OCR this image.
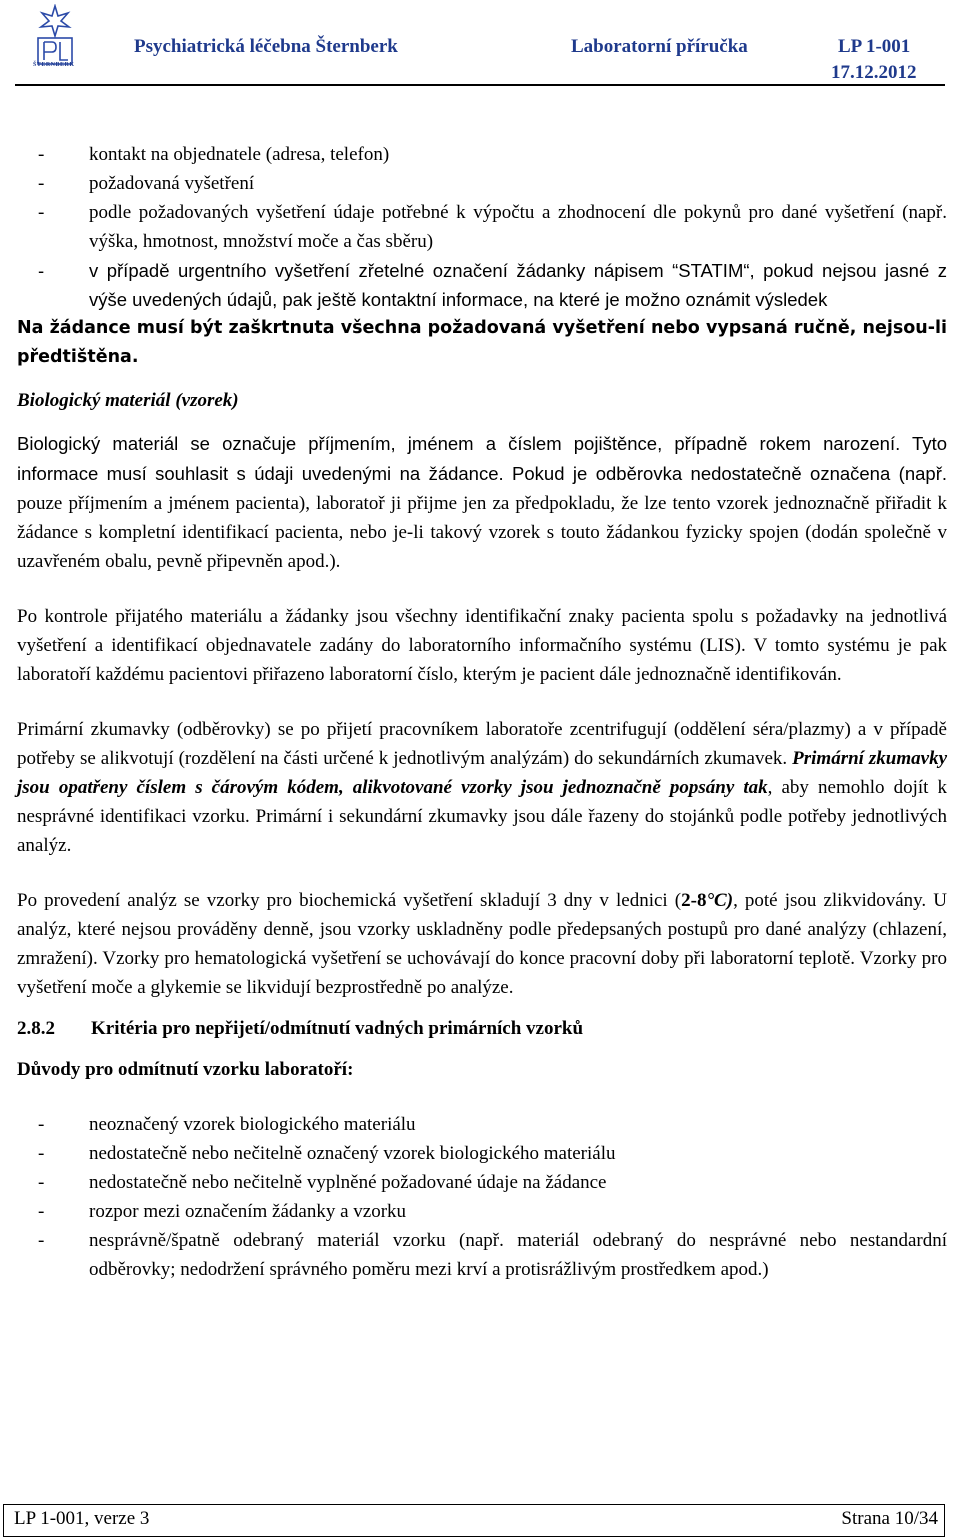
ŠTERNBERK
Psychiatrická léčebna Šternberk	Laboratorní příručka	LP 1-001
17.12.2012
- kontakt na objednatele (adresa, telefon)
- požadovaná vyšetření
- podle požadovaných vyšetření údaje potřebné k výpočtu a zhodnocení dle pokynů pro dané vyšetření (např. výška, hmotnost, množství moče a čas sběru)
- v případě urgentního vyšetření zřetelné označení žádanky nápisem “STATIM“, pokud nejsou jasné z výše uvedených údajů, pak ještě kontaktní informace, na které je možno oznámit výsledek

Na žádance musí být zaškrtnuta všechna požadovaná vyšetření nebo vypsaná ručně, nejsou-li předtištěna.

Biologický materiál (vzorek)

Biologický materiál se označuje příjmením, jménem a číslem pojištěnce, případně rokem narození. Tyto informace musí souhlasit s údaji uvedenými na žádance. Pokud je odběrovka nedostatečně označena (např. pouze příjmením a jménem pacienta), laboratoř ji přijme jen za předpokladu, že lze tento vzorek jednoznačně přiřadit k žádance s kompletní identifikací pacienta, nebo je-li takový vzorek s touto žádankou fyzicky spojen (dodán společně v uzavřeném obalu, pevně připevněn apod.).

Po kontrole přijatého materiálu a žádanky jsou všechny identifikační znaky pacienta spolu s požadavky na jednotlivá vyšetření a identifikací objednavatele zadány do laboratorního informačního systému (LIS). V tomto systému je pak laboratoří každému pacientovi přiřazeno laboratorní číslo, kterým je pacient dále jednoznačně identifikován.

Primární zkumavky (odběrovky) se po přijetí pracovníkem laboratoře zcentrifugují (oddělení séra/plazmy) a v případě potřeby se alikvotují (rozdělení na části určené k jednotlivým analýzám) do sekundárních zkumavek. Primární zkumavky jsou opatřeny číslem s čárovým kódem, alikvotované vzorky jsou jednoznačně popsány tak, aby nemohlo dojít k nesprávné identifikaci vzorku. Primární i sekundární zkumavky jsou dále řazeny do stojánků podle potřeby jednotlivých analýz.

Po provedení analýz se vzorky pro biochemická vyšetření skladují 3 dny v lednici (2-8°C), poté jsou zlikvidovány. U analýz, které nejsou prováděny denně, jsou vzorky uskladněny podle předepsaných postupů pro dané analýzy (chlazení, zmražení). Vzorky pro hematologická vyšetření se uchovávají do konce pracovní doby při laboratorní teplotě. Vzorky pro vyšetření moče a glykemie se likvidují bezprostředně po analýze.

2.8.2 Kritéria pro nepřijetí/odmítnutí vadných primárních vzorků

Důvody pro odmítnutí vzorku laboratoří:

- neoznačený vzorek biologického materiálu
- nedostatečně nebo nečitelně označený vzorek biologického materiálu
- nedostatečně nebo nečitelně vyplněné požadované údaje na žádance
- rozpor mezi označením žádanky a vzorku
- nesprávně/špatně odebraný materiál vzorku (např. materiál odebraný do nesprávné nebo nestandardní odběrovky; nedodržení správného poměru mezi krví a protisrážlivým prostředkem apod.)
LP 1-001, verze 3	Strana 10/34
